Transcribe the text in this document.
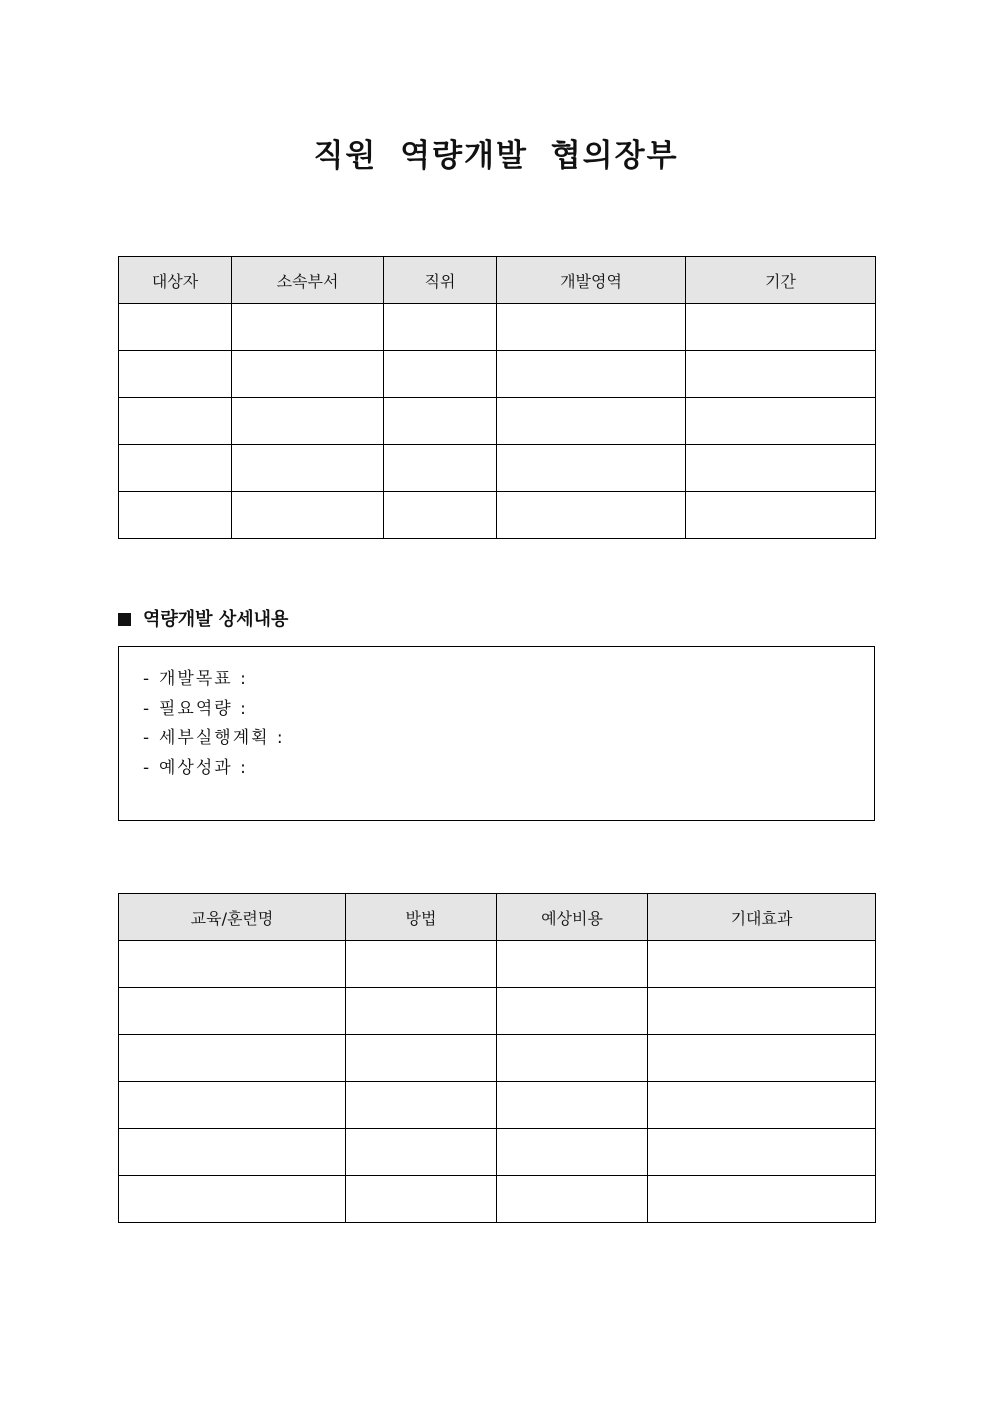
직원 역량개발 협의장부
대상자	소속부서	직위	개발영역	기간

역량개발 상세내용
- 개발목표 :
- 필요역량 :
- 세부실행계획 :
- 예상성과 :
교육/훈련명	방법	예상비용	기대효과
